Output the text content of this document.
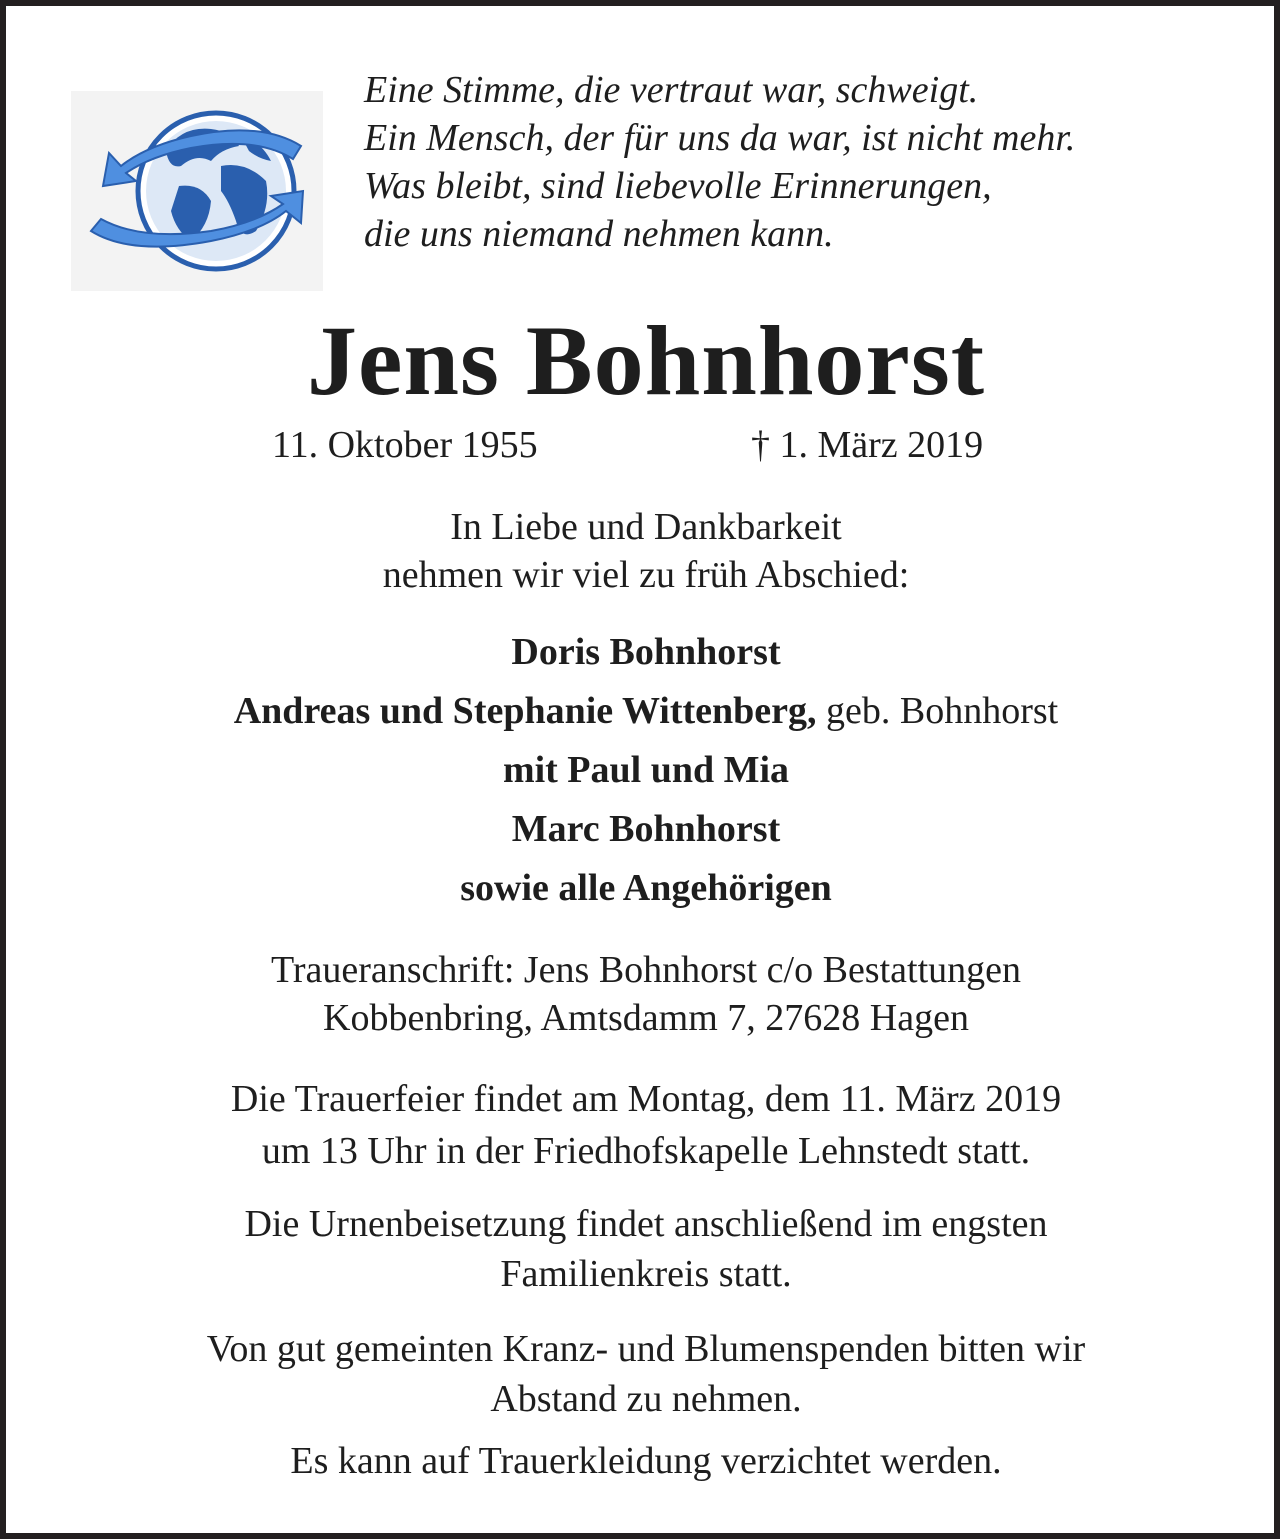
Eine Stimme, die vertraut war, schweigt.
Ein Mensch, der für uns da war, ist nicht mehr.
Was bleibt, sind liebevolle Erinnerungen,
die uns niemand nehmen kann.
Jens Bohnhorst
11. Oktober 1955	† 1. März 2019
In Liebe und Dankbarkeit
nehmen wir viel zu früh Abschied:
Doris Bohnhorst
Andreas und Stephanie Wittenberg, geb. Bohnhorst
mit Paul und Mia
Marc Bohnhorst
sowie alle Angehörigen
Traueranschrift: Jens Bohnhorst c/o Bestattungen
Kobbenbring, Amtsdamm 7, 27628 Hagen
Die Trauerfeier findet am Montag, dem 11. März 2019
um 13 Uhr in der Friedhofskapelle Lehnstedt statt.
Die Urnenbeisetzung findet anschließend im engsten
Familienkreis statt.
Von gut gemeinten Kranz- und Blumenspenden bitten wir
Abstand zu nehmen.
Es kann auf Trauerkleidung verzichtet werden.
